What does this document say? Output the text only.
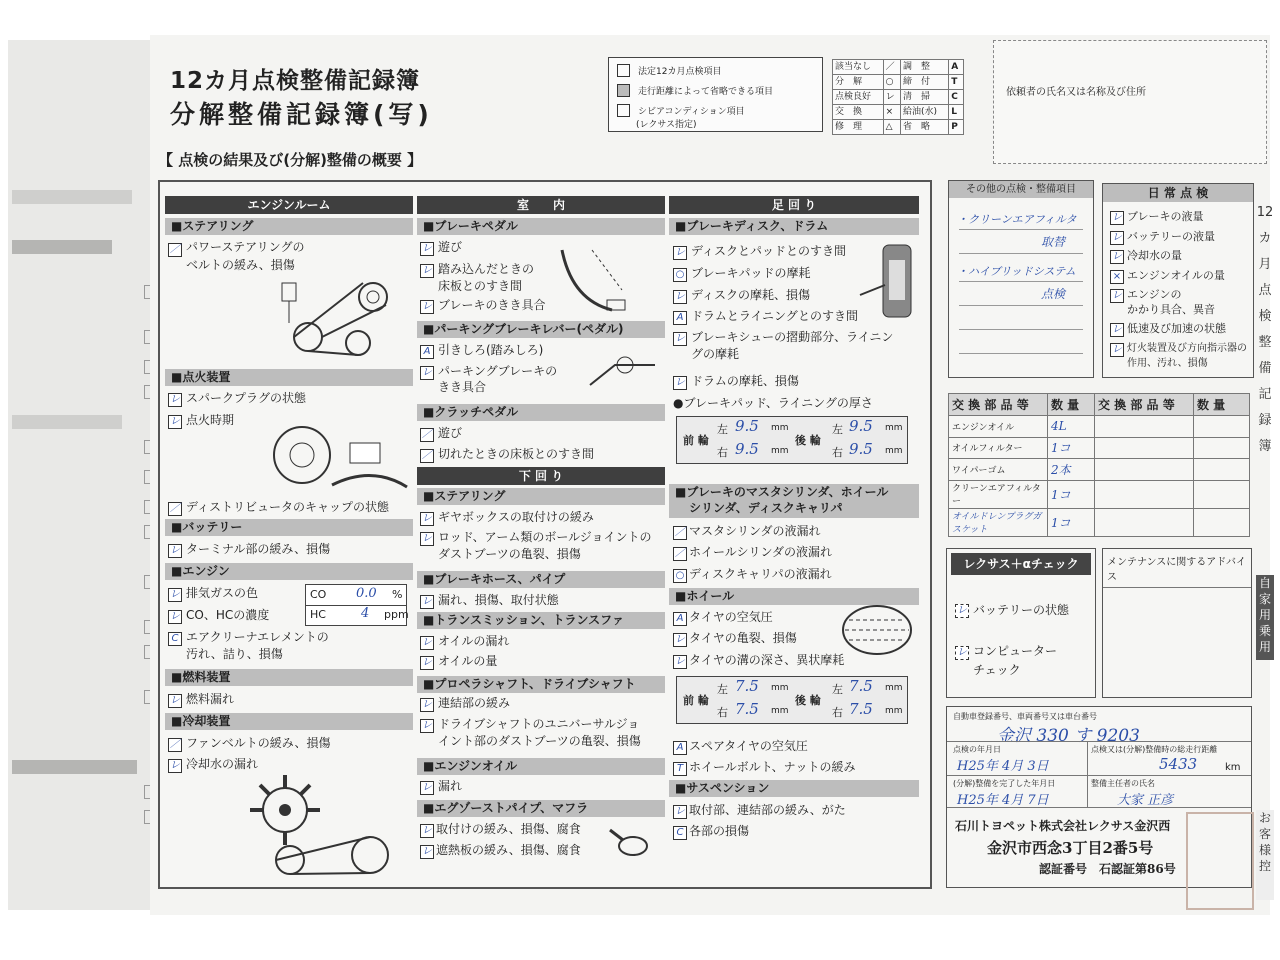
12カ月点検整備記録簿
分解整備記録簿(写)
【 点検の結果及び(分解)整備の概要 】
法定12カ月点検項目
走行距離によって省略できる項目
シビアコンディション項目
(レクサス指定)
該当なし	／	調　整	A
分　解	○	締　付	T
点検良好	レ	清　掃	C
交　換	×	給油(水)	L
修　理	△	省　略	P
依頼者の氏名又は名称及び住所
エンジンルーム	室　　内	足 回 り
下 回 り
■ステアリング
／ パワーステアリングの
ベルトの緩み、損傷
■点火装置
レ スパークプラグの状態
レ 点火時期
／ ディストリビュータのキャップの状態
■バッテリー
レ ターミナル部の緩み、損傷
■エンジン
レ 排気ガスの色
レ CO、HCの濃度
CO 0.0 %
HC	4 ppm
C エアクリーナエレメントの
汚れ、詰り、損傷
■燃料装置
レ 燃料漏れ
■冷却装置
／ ファンベルトの緩み、損傷
レ 冷却水の漏れ
■ブレーキペダル
レ 遊び
レ 踏み込んだときの
床板とのすき間
レ ブレーキのきき具合
■パーキングブレーキレバー(ペダル)
A 引きしろ(踏みしろ)
レ パーキングブレーキの
きき具合
■クラッチペダル
／ 遊び
／ 切れたときの床板とのすき間
■ステアリング
レ ギヤボックスの取付けの緩み
レ ロッド、アーム類のボールジョイントの
ダストブーツの亀裂、損傷
■ブレーキホース、パイプ
レ 漏れ、損傷、取付状態
■トランスミッション、トランスファ
レ オイルの漏れ
レ オイルの量
■プロペラシャフト、ドライブシャフト
レ 連結部の緩み
レ ドライブシャフトのユニバーサルジョ
イント部のダストブーツの亀裂、損傷
■エンジンオイル
レ 漏れ
■エグゾーストパイプ、マフラ
レ 取付けの緩み、損傷、腐食
レ 遮熱板の緩み、損傷、腐食
■ブレーキディスク、ドラム
レ ディスクとパッドとのすき間
○ ブレーキパッドの摩耗
レ ディスクの摩耗、損傷
A ドラムとライニングとのすき間
レ ブレーキシューの摺動部分、ライニン
グの摩耗
レ ドラムの摩耗、損傷
●ブレーキパッド、ライニングの厚さ
前 輪
左 9.5 mm
右 9.5 mm
後 輪
左 9.5 mm
右 9.5 mm
■ブレーキのマスタシリンダ、ホイール
シリンダ、ディスクキャリパ
／ マスタシリンダの液漏れ
／ ホイールシリンダの液漏れ
○ ディスクキャリパの液漏れ
■ホイール
A タイヤの空気圧
レ タイヤの亀裂、損傷
レ タイヤの溝の深さ、異状摩耗
前 輪
左 7.5 mm
右 7.5 mm
後 輪
左 7.5 mm
右 7.5 mm
A スペアタイヤの空気圧
T ホイールボルト、ナットの緩み
■サスペンション
レ 取付部、連結部の緩み、がた
C 各部の損傷
その他の点検・整備項目
・クリーンエアフィルタ
取替
・ハイブリッドシステム
点検
日 常 点 検
レ ブレーキの液量
レ バッテリーの液量
レ 冷却水の量
× エンジンオイルの量
レ エンジンの
かかり具合、異音
レ 低速及び加速の状態
レ 灯火装置及び方向指示器の
作用、汚れ、損傷
交 換 部 品 等	数 量	交 換 部 品 等	数 量
エンジンオイル	4L		
オイルフィルター	1コ		
ワイパーゴム	2本		
クリーンエアフィルター	1コ		
オイルドレンプラグガスケット	1コ		
レクサス＋αチェック
レ バッテリーの状態
レ コンピューター
チェック
メンテナンスに関するアドバイス
自動車登録番号、車両番号又は車台番号
金沢 330 す 9203
点検の年月日
H25年 4月 3日
点検又は(分解)整備時の総走行距離
5433	km
(分解)整備を完了した年月日
H25年 4月 7日
整備主任者の氏名
大家 正彦
石川トヨペット株式会社レクサス金沢西
金沢市西念3丁目2番5号
認証番号　石認証第86号
12カ月点検整備記録簿
自家用乗用
お客様控
